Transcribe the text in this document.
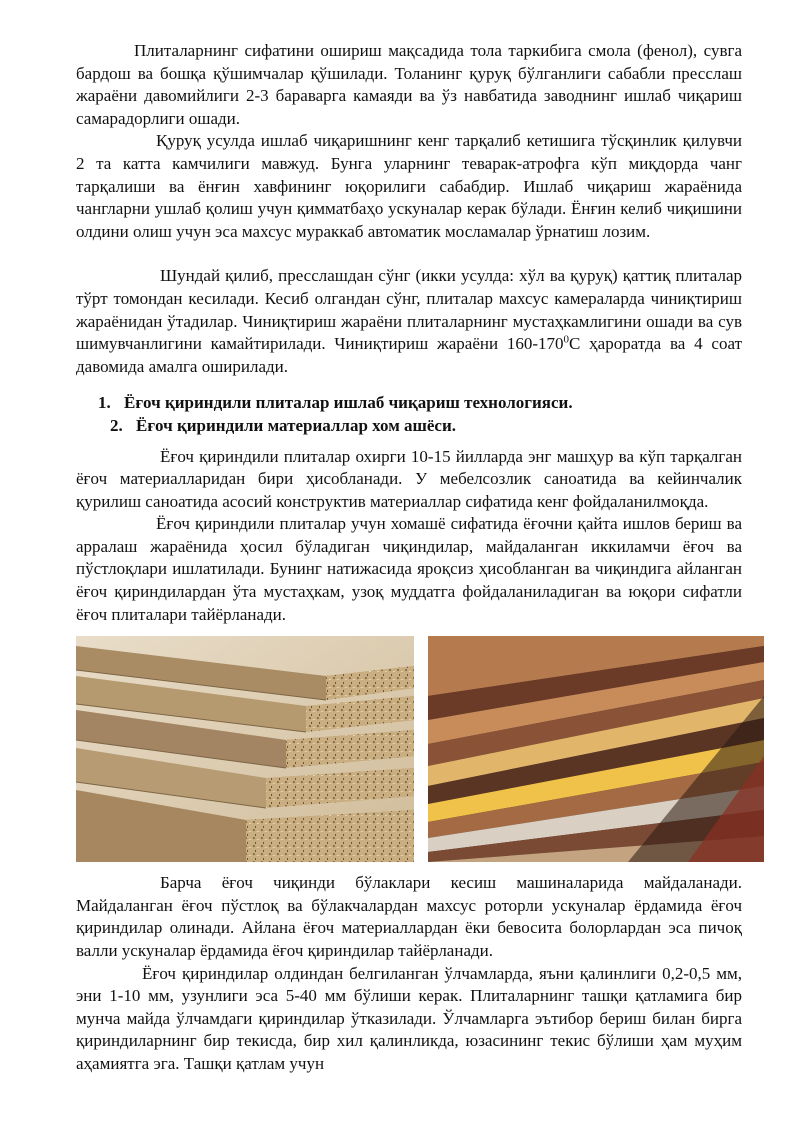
Плиталарнинг сифатини ошириш мақсадида тола таркибига смола (фенол), сувга бардош ва бошқа қўшимчалар қўшилади. Толанинг қуруқ бўлганлиги сабабли пресслаш жараёни давомийлиги 2-3 бараварга камаяди ва ўз навбатида заводнинг ишлаб чиқариш самарадорлиги ошади.

Қуруқ усулда ишлаб чиқаришнинг кенг тарқалиб кетишига тўсқинлик қилувчи 2 та катта камчилиги мавжуд. Бунга уларнинг теварак-атрофга кўп миқдорда чанг тарқалиши ва ёнғин хавфининг юқорилиги сабабдир. Ишлаб чиқариш жараёнида чангларни ушлаб қолиш учун қимматбаҳо ускуналар керак бўлади. Ёнғин келиб чиқишини олдини олиш учун эса махсус мураккаб автоматик мосламалар ўрнатиш лозим.

Шундай қилиб, пресслашдан сўнг (икки усулда: хўл ва қуруқ) қаттиқ плиталар тўрт томондан кесилади. Кесиб олгандан сўнг, плиталар махсус камераларда чиниқтириш жараёнидан ўтадилар. Чиниқтириш жараёни плиталарнинг мустаҳкамлигини ошади ва сув шимувчанлигини камайтирилади. Чиниқтириш жараёни $160-170^0С$ ҳароратда ва 4 соат давомида амалга оширилади.

1. Ёғоч қириндили плиталар ишлаб чиқариш технологияси.

2. Ёғоч қириндили материаллар хом ашёси.

Ёғоч қириндили плиталар охирги 10-15 йилларда энг машҳур ва кўп тарқалган ёғоч материалларидан бири ҳисобланади. У мебелсозлик саноатида ва кейинчалик қурилиш саноатида асосий конструктив материаллар сифатида кенг фойдаланилмоқда.

Ёғоч қириндили плиталар учун хомашё сифатида ёғочни қайта ишлов бериш ва арралаш жараёнида ҳосил бўладиган чиқиндилар, майдаланган иккиламчи ёғоч ва пўстлоқлари ишлатилади. Бунинг натижасида яроқсиз ҳисобланган ва чиқиндига айланган ёғоч қириндилардан ўта мустаҳкам, узоқ муддатга фойдаланиладиган ва юқори сифатли ёғоч плиталари тайёрланади.

Барча ёғоч чиқинди бўлаклари кесиш машиналарида майдаланади. Майдаланган ёғоч пўстлоқ ва бўлакчалардан махсус роторли ускуналар ёрдамида ёғоч қириндилар олинади. Айлана ёғоч материаллардан ёки бевосита болорлардан эса пичоқ валли ускуналар ёрдамида ёғоч қириндилар тайёрланади.

Ёғоч қириндилар олдиндан белгиланган ўлчамларда, яъни қалинлиги 0,2-0,5 мм, эни 1-10 мм, узунлиги эса 5-40 мм бўлиши керак. Плиталарнинг ташқи қатламига бир мунча майда ўлчамдаги қириндилар ўтказилади. Ўлчамларга эътибор бериш билан бирга қириндиларнинг бир текисда, бир хил қалинликда, юзасининг текис бўлиши ҳам муҳим аҳамиятга эга. Ташқи қатлам учун
